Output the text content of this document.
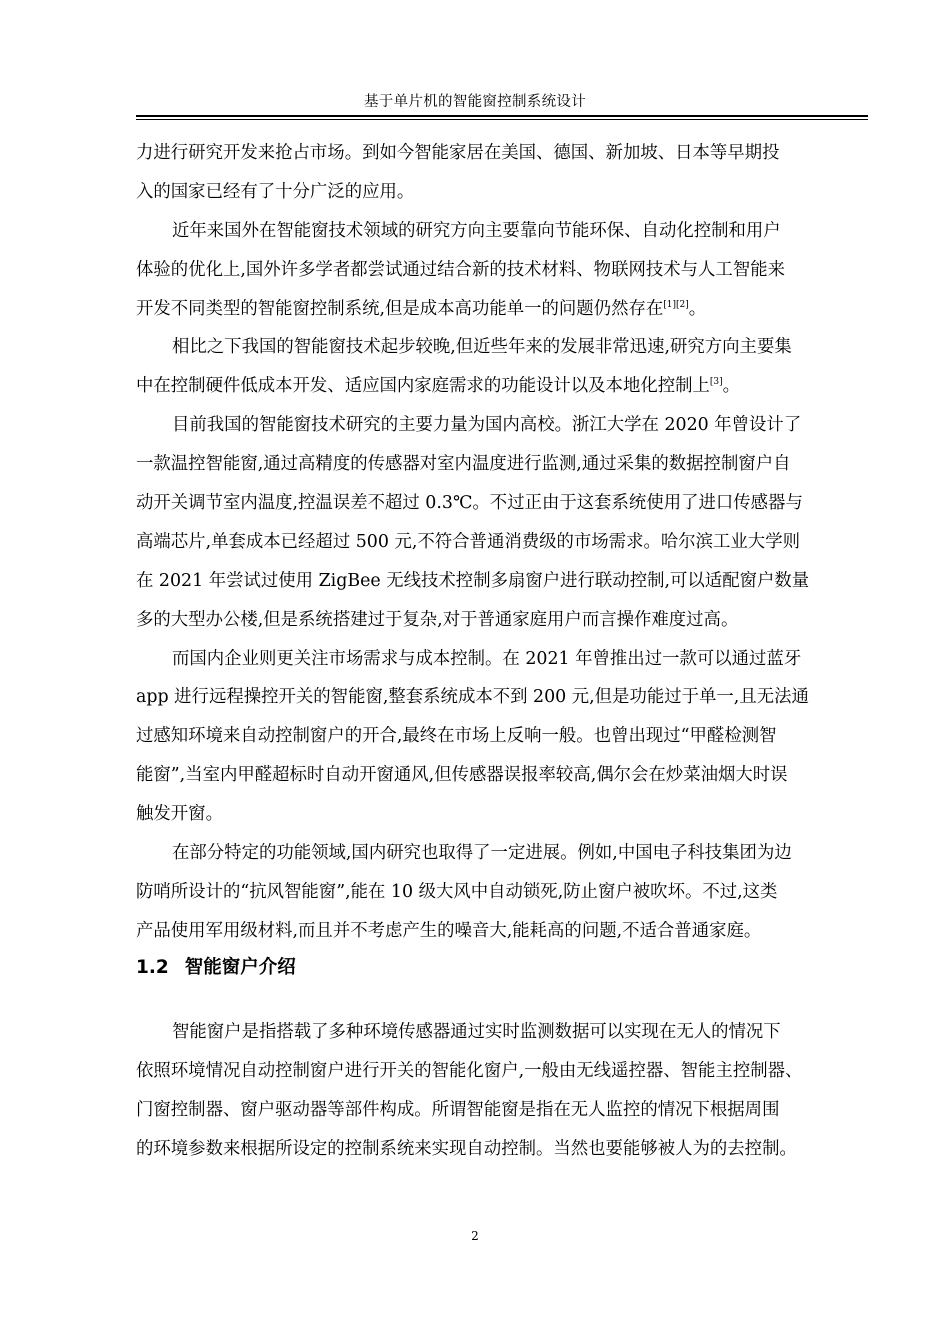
基于单片机的智能窗控制系统设计
力进行研究开发来抢占市场。到如今智能家居在美国、德国、新加坡、日本等早期投
入的国家已经有了十分广泛的应用。
近年来国外在智能窗技术领域的研究方向主要靠向节能环保、自动化控制和用户
体验的优化上,国外许多学者都尝试通过结合新的技术材料、物联网技术与人工智能来
开发不同类型的智能窗控制系统,但是成本高功能单一的问题仍然存在[1][2]。
相比之下我国的智能窗技术起步较晚,但近些年来的发展非常迅速,研究方向主要集
中在控制硬件低成本开发、适应国内家庭需求的功能设计以及本地化控制上[3]。
目前我国的智能窗技术研究的主要力量为国内高校。浙江大学在 2020 年曾设计了
一款温控智能窗,通过高精度的传感器对室内温度进行监测,通过采集的数据控制窗户自
动开关调节室内温度,控温误差不超过 0.3℃。不过正由于这套系统使用了进口传感器与
高端芯片,单套成本已经超过 500 元,不符合普通消费级的市场需求。哈尔滨工业大学则
在 2021 年尝试过使用 ZigBee 无线技术控制多扇窗户进行联动控制,可以适配窗户数量
多的大型办公楼,但是系统搭建过于复杂,对于普通家庭用户而言操作难度过高。
而国内企业则更关注市场需求与成本控制。在 2021 年曾推出过一款可以通过蓝牙
app 进行远程操控开关的智能窗,整套系统成本不到 200 元,但是功能过于单一,且无法通
过感知环境来自动控制窗户的开合,最终在市场上反响一般。也曾出现过“甲醛检测智
能窗”,当室内甲醛超标时自动开窗通风,但传感器误报率较高,偶尔会在炒菜油烟大时误
触发开窗。
在部分特定的功能领域,国内研究也取得了一定进展。例如,中国电子科技集团为边
防哨所设计的“抗风智能窗”,能在 10 级大风中自动锁死,防止窗户被吹坏。不过,这类
产品使用军用级材料,而且并不考虑产生的噪音大,能耗高的问题,不适合普通家庭。
1.2 智能窗户介绍
智能窗户是指搭载了多种环境传感器通过实时监测数据可以实现在无人的情况下
依照环境情况自动控制窗户进行开关的智能化窗户,一般由无线遥控器、智能主控制器、
门窗控制器、窗户驱动器等部件构成。所谓智能窗是指在无人监控的情况下根据周围
的环境参数来根据所设定的控制系统来实现自动控制。当然也要能够被人为的去控制。
2
